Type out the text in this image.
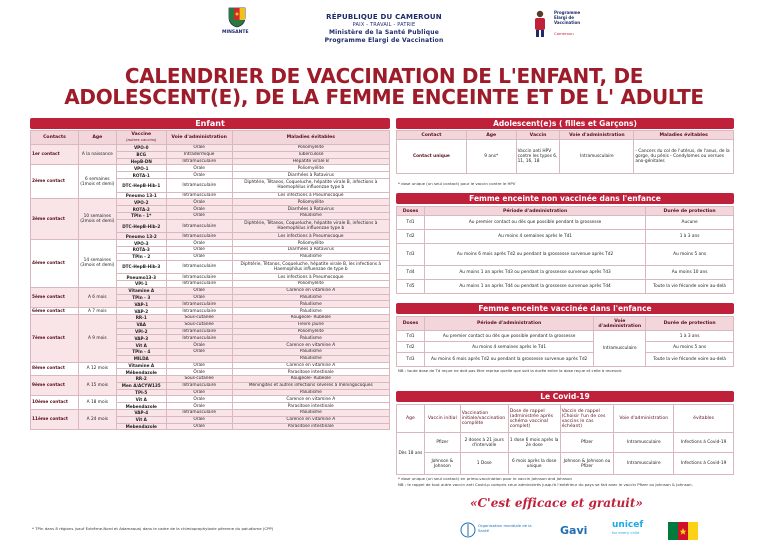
MINSANTE
RÉPUBLIQUE DU CAMEROUN
PAIX - TRAVAIL - PATRIE
Ministère de la Santé Publique
Programme Elargi de Vaccination
Programme Elargi de Vaccination
Cameroun
CALENDRIER DE VACCINATION DE L'ENFANT, DE
ADOLESCENT(E), DE LA FEMME ENCEINTE ET DE L' ADULTE
Enfant
Contacts	Age	Vaccine
(autres vaccins)	Voie d'administration	Maladies évitables
1er contact	A la naissance	VPO-0	Orale	Poliomyélite
		BCG	Intradermique	Tuberculose
		HepB-DN	Intramusculaire	Hépatite virale B
2ème contact	6 semaines (1mois et demi)	VPO-1	Orale	Poliomyélite
		ROTA-1	Orale	Diarrhées à Rotavirus
		DTC-HepB-Hib-1	Intramusculaire	Diphtérie, Tétanos, Coqueluche, hépatite virale B, infections à Haemophilus influenzae type b
		Pneumo 13-1	Intramusculaire	Les infections à Pneumocoque
3ème contact	10 semaines (2mois et demi)	VPO-2	Orale	Poliomyélite
		ROTA-2	Orale	Diarrhées à Rotavirus
		TPIn - 1*	Orale	Paludisme
		DTC-HepB-Hib-2	Intramusculaire	Diphtérie, Tétanos, Coqueluche, hépatite virale B, infections à Haemophilus influenzae type b
		Pneumo 13-2	Intramusculaire	Les infections à Pneumocoque
4ème contact	14 semaines (3mois et demi)	VPO-3	Orale	Poliomyélite
		ROTA-3	Orale	Diarrhées à Rotavirus
		TPIn - 2	Orale	Paludisme
		DTC-HepB-Hib-3	Intramusculaire	Diphtérie, Tétanos, Coqueluche, hépatite virale B, les infections à Haemophilus influenzae de type b
		Pneumo13-3	Intramusculaire	Les infections à Pneumocoque
		VPI-1	Intramusculaire	Poliomyélite
5ème contact	A 6 mois	Vitamine A	Orale	Carence en vitamine A
		TPIn - 3	Orale	Paludisme
		VAP-1	Intramusculaire	Paludisme
6ème contact	A 7 mois	VAP-2	Intramusculaire	Paludisme
7ème contact	A 9 mois	RR-1	Sous-cutanée	Rougeole- Rubéole
		VAA	Sous-cutanée	Fièvre jaune
		VPI-2	Intramusculaire	Poliomyélite
		VAP-3	Intramusculaire	Paludisme
		Vit A	Orale	Carence en vitamine A
		TPIn - 4	Orale	Paludisme
		MILDA		Paludisme
8ème contact	A 12 mois	Vitamine A	Orale	Carence en vitamine A
		Mébendazole	Orale	Parasitose intestinale
9ème contact	A 15 mois	RR-2	Sous-cutanée	Rougeole- Rubéole
		Men A/ACYW135	Intramusculaire	Méningites et autres infections sévères à méningocoques
		TPI-5	Orale	Paludisme
10ème contact	A 18 mois	Vit A	Orale	Carence en vitamine A
		Mebendazole	Orale	Parasitose intestinale
11ème contact	A 24 mois	VAP-4	Intramusculaire	Paludisme
		Vit A	Orale	Carence en vitamine A
		Mebendazole	Orale	Parasitose intestinale
* TPIn dans 8 régions (sauf Extrême-Nord et Adamaoua) dans le cadre de la chimioprophylaxie pérenne du paludisme (CPP)
Adolescent(e)s ( filles et Garçons)
Contact	Age	Vaccin	Voie d'administration	Maladies évitables
Contact unique	9 ans*	Vaccin anti HPV contre les types 6, 11, 16, 18	Intramusculaire	- Cancers du col de l'utérus, de l'anus, de la gorge, du pénis - Condylomes ou verrues ano-génitales
* dose unique (un seul contact) pour le vaccin contre le HPV
Femme enceinte non vaccinée dans l'enfance
Doses	Période d'administration	Durée de protection
Td1	Au premier contact ou dès que possible pendant la grossesse	Aucune
Td2	Au moins 4 semaines après le Td1	1 à 3 ans
Td3	Au moins 6 mois après Td2 ou pendant la grossesse survenue après Td2	Au moins 5 ans
Td4	Au moins 1 an après Td3 ou pendant la grossesse survenue après Td3	Au moins 10 ans
Td5	Au moins 1 an après Td4 ou pendant la grossesse survenue après Td4	Toute la vie féconde voire au-delà
Femme enceinte vaccinée dans l'enfance
Doses	Période d'administration	Voie d'administration	Durée de protection
Td1	Au premier contact ou dès que possible pendant la grossesse	Intramusculaire	1 à 3 ans
Td2	Au moins 4 semaines après le Td1		Au moins 5 ans
Td3	Au moins 6 mois après Td2 ou pendant la grossesse survenue après Td2		Toute la vie féconde voire au-delà
NB : toute dose de Td reçue ne doit pas être reprise quelle que soit la durée entre la dose reçue et celle à recevoir.
Le Covid-19
Age	Vaccin initial	Vaccination initiale/vaccination complète	Dose de rappel (administrée après schéma vaccinal complet)	Vaccin de rappel (Choisir l'un de ces vaccins le cas échéant)	Voie d'administration	évitables
Dès 18 ans	Pfizer	2 doses à 21 jours d'intervalle	1 dose 6 mois après la 2e dose	Pfizer	Intramusculaire	Infections à Covid-19
	Johnson & Johnson	1 Dose	6 mois après la dose unique	Johnson & Johnson ou Pfizer	Intramusculaire	Infections à Covid-19
* dose unique (un seul contact) en primo-vaccination pour le vaccin Johnson and Johnson
NB : le rappel de tout autre vaccin anti Covid-p compris ceux administrés jusqu'à l'extérieur du pays se fait avec le vaccin Pfizer ou Johnson & Johnson.
«C'est efficace et gratuit»
Organisation mondiale de la Santé	Gavi	unicef
for every child
